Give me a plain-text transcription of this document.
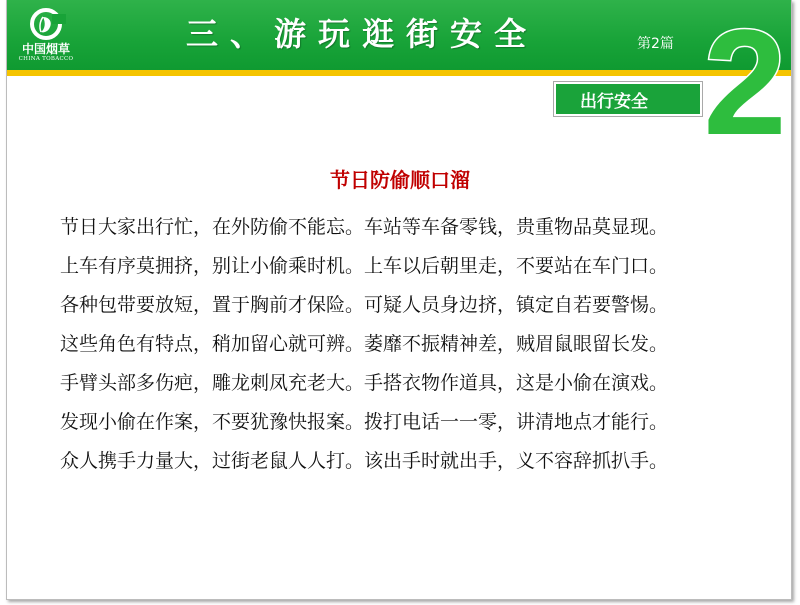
中国烟草
CHINA TOBACCO
三、游玩逛街安全	第2篇 2
出行安全
节日防偷顺口溜
节日大家出行忙，在外防偷不能忘。车站等车备零钱，贵重物品莫显现。
上车有序莫拥挤，别让小偷乘时机。上车以后朝里走，不要站在车门口。
各种包带要放短，置于胸前才保险。可疑人员身边挤，镇定自若要警惕。
这些角色有特点，稍加留心就可辨。萎靡不振精神差，贼眉鼠眼留长发。
手臂头部多伤疤，雕龙刺凤充老大。手搭衣物作道具，这是小偷在演戏。
发现小偷在作案，不要犹豫快报案。拨打电话一一零，讲清地点才能行。
众人携手力量大，过街老鼠人人打。该出手时就出手，义不容辞抓扒手。
